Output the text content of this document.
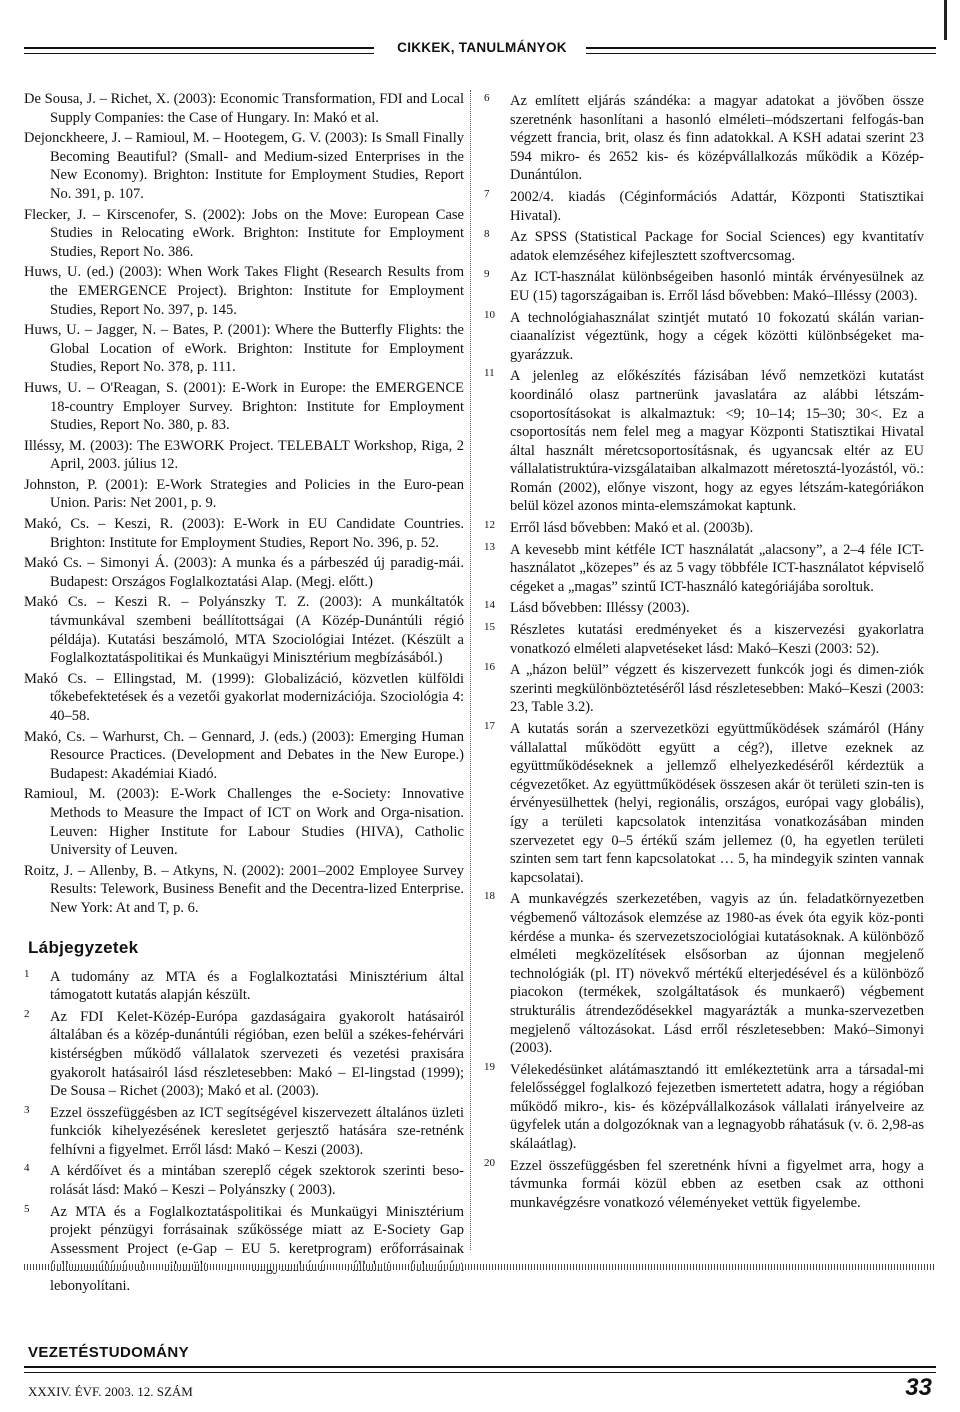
CIKKEK, TANULMÁNYOK

De Sousa, J. – Richet, X. (2003): Economic Transformation, FDI and Local Supply Companies: the Case of Hungary. In: Makó et al.

Dejonckheere, J. – Ramioul, M. – Hootegem, G. V. (2003): Is Small Finally Becoming Beautiful? (Small- and Medium-sized Enterprises in the New Economy). Brighton: Institute for Employment Studies, Report No. 391, p. 107.

Flecker, J. – Kirscenofer, S. (2002): Jobs on the Move: European Case Studies in Relocating eWork. Brighton: Institute for Employment Studies, Report No. 386.

Huws, U. (ed.) (2003): When Work Takes Flight (Research Results from the EMERGENCE Project). Brighton: Institute for Employment Studies, Report No. 397, p. 145.

Huws, U. – Jagger, N. – Bates, P. (2001): Where the Butterfly Flights: the Global Location of eWork. Brighton: Institute for Employment Studies, Report No. 378, p. 111.

Huws, U. – O'Reagan, S. (2001): E-Work in Europe: the EMERGENCE 18-country Employer Survey. Brighton: Institute for Employment Studies, Report No. 380, p. 83.

Illéssy, M. (2003): The E3WORK Project. TELEBALT Workshop, Riga, 2 April, 2003. július 12.

Johnston, P. (2001): E-Work Strategies and Policies in the Euro-pean Union. Paris: Net 2001, p. 9.

Makó, Cs. – Keszi, R. (2003): E-Work in EU Candidate Countries. Brighton: Institute for Employment Studies, Report No. 396, p. 52.

Makó Cs. – Simonyi Á. (2003): A munka és a párbeszéd új paradig-mái. Budapest: Országos Foglalkoztatási Alap. (Megj. előtt.)

Makó Cs. – Keszi R. – Polyánszky T. Z. (2003): A munkáltatók távmunkával szembeni beállítottságai (A Közép-Dunántúli régió példája). Kutatási beszámoló, MTA Szociológiai Intézet. (Készült a Foglalkoztatáspolitikai és Munkaügyi Minisztérium megbízásából.)

Makó Cs. – Ellingstad, M. (1999): Globalizáció, közvetlen külföldi tőkebefektetések és a vezetői gyakorlat modernizációja. Szociológia 4: 40–58.

Makó, Cs. – Warhurst, Ch. – Gennard, J. (eds.) (2003): Emerging Human Resource Practices. (Development and Debates in the New Europe.) Budapest: Akadémiai Kiadó.

Ramioul, M. (2003): E-Work Challenges the e-Society: Innovative Methods to Measure the Impact of ICT on Work and Orga-nisation. Leuven: Higher Institute for Labour Studies (HIVA), Catholic University of Leuven.

Roitz, J. – Allenby, B. – Atkyns, N. (2002): 2001–2002 Employee Survey Results: Telework, Business Benefit and the Decentra-lized Enterprise. New York: At and T, p. 6.

Lábjegyzetek
1	A tudomány az MTA és a Foglalkoztatási Minisztérium által támogatott kutatás alapján készült.
2	Az FDI Kelet-Közép-Európa gazdaságaira gyakorolt hatásairól általában és a közép-dunántúli régióban, ezen belül a székes-fehérvári kistérségben működő vállalatok szervezeti és vezetési praxisára gyakorolt hatásairól lásd részletesebben: Makó – El-lingstad (1999); De Sousa – Richet (2003); Makó et al. (2003).
3	Ezzel összefüggésben az ICT segítségével kiszervezett általános üzleti funkciók kihelyezésének keresletet gerjesztő hatására sze-retnénk felhívni a figyelmet. Erről lásd: Makó – Keszi (2003).
4	A kérdőívet és a mintában szereplő cégek szektorok szerinti beso-rolását lásd: Makó – Keszi – Polyánszky ( 2003).
5	Az MTA és a Foglalkoztatáspolitikai és Munkaügyi Minisztérium projekt pénzügyi forrásainak szűkössége miatt az E-Society Gap Assessment Project (e-Gap – EU 5. keretprogram) erőforrásainak lebonyolítani.
6	Az említett eljárás szándéka: a magyar adatokat a jövőben össze szeretnénk hasonlítani a hasonló elméleti–módszertani felfogás-ban végzett francia, brit, olasz és finn adatokkal. A KSH adatai szerint 23 594 mikro- és 2652 kis- és középvállalkozás működik a Közép-Dunántúlon.
7	2002/4. kiadás (Céginformációs Adattár, Központi Statisztikai Hivatal).
8	Az SPSS (Statistical Package for Social Sciences) egy kvantitatív adatok elemzéséhez kifejlesztett szoftvercsomag.
9	Az ICT-használat különbségeiben hasonló minták érvényesülnek az EU (15) tagországaiban is. Erről lásd bővebben: Makó–Illéssy (2003).
10	A technológiahasználat szintjét mutató 10 fokozatú skálán varian-ciaanalízist végeztünk, hogy a cégek közötti különbségeket ma-gyarázzuk.
11	A jelenleg az előkészítés fázisában lévő nemzetközi kutatást koordináló olasz partnerünk javaslatára az alábbi létszám-csoportosításokat is alkalmaztuk: <9; 10–14; 15–30; 30<. Ez a csoportosítás nem felel meg a magyar Központi Statisztikai Hivatal által használt méretcsoportosításnak, és ugyancsak eltér az EU vállalatistruktúra-vizsgálataiban alkalmazott méretosztá-lyozástól, vö.: Román (2002), előnye viszont, hogy az egyes létszám-kategóriákon belül közel azonos minta-elemszámokat kaptunk.
12	Erről lásd bővebben: Makó et al. (2003b).
13	A kevesebb mint kétféle ICT használatát „alacsony”, a 2–4 féle ICT-használatot „közepes” és az 5 vagy többféle ICT-használatot képviselő cégeket a „magas” szintű ICT-használó kategóriájába soroltuk.
14	Lásd bővebben: Illéssy (2003).
15	Részletes kutatási eredményeket és a kiszervezési gyakorlatra vonatkozó elméleti alapvetéseket lásd: Makó–Keszi (2003: 52).
16	A „házon belül” végzett és kiszervezett funkcók jogi és dimen-ziók szerinti megkülönböztetéséről lásd részletesebben: Makó–Keszi (2003: 23, Table 3.2).
17	A kutatás során a szervezetközi együttműködések számáról (Hány vállalattal működött együtt a cég?), illetve ezeknek az együttműködéseknek a jellemző elhelyezkedéséről kérdeztük a cégvezetőket. Az együttműködések összesen akár öt területi szin-ten is érvényesülhettek (helyi, regionális, országos, európai vagy globális), így a területi kapcsolatok intenzitása vonatkozásában minden szervezetet egy 0–5 értékű szám jellemez (0, ha egyetlen területi szinten sem tart fenn kapcsolatokat … 5, ha mindegyik szinten vannak kapcsolatai).
18	A munkavégzés szerkezetében, vagyis az ún. feladatkörnyezetben végbemenő változások elemzése az 1980-as évek óta egyik köz-ponti kérdése a munka- és szervezetszociológiai kutatásoknak. A különböző elméleti megközelítések elsősorban az újonnan megjelenő technológiák (pl. IT) növekvő mértékű elterjedésével és a különböző piacokon (termékek, szolgáltatások és munkaerő) végbement strukturális átrendeződésekkel magyarázták a munka-szervezetben megjelenő változásokat. Lásd erről részletesebben: Makó–Simonyi (2003).
19	Vélekedésünket alátámasztandó itt emlékeztetünk arra a társadal-mi felelősséggel foglalkozó fejezetben ismertetett adatra, hogy a régióban működő mikro-, kis- és középvállalkozások vállalati irányelveire az ügyfelek után a dolgozóknak van a legnagyobb ráhatásuk (v. ö. 2,98-as skálaátlag).
20	Ezzel összefüggésben fel szeretnénk hívni a figyelmet arra, hogy a távmunka formái közül ebben az esetben csak az otthoni munkavégzésre vonatkozó véleményeket vettük figyelembe.
VEZETÉSTUDOMÁNY
XXXIV. ÉVF. 2003. 12. SZÁM	33
